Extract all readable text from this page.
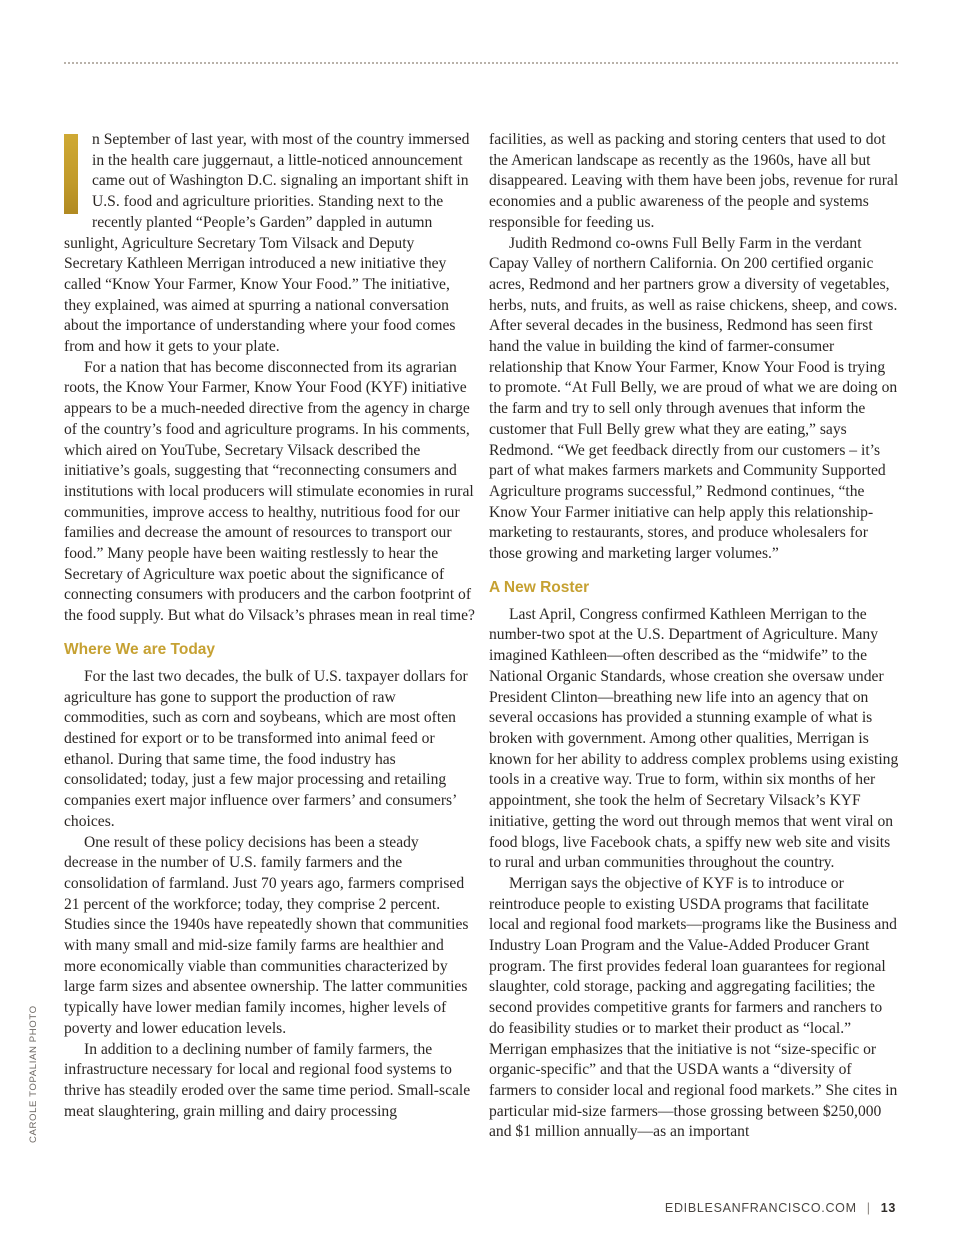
n September of last year, with most of the country immersed in the health care juggernaut, a little-noticed announcement came out of Washington D.C. signaling an important shift in U.S. food and agriculture priorities. Standing next to the recently planted “People’s Garden” dappled in autumn sunlight, Agriculture Secretary Tom Vilsack and Deputy Secretary Kathleen Merrigan introduced a new initiative they called “Know Your Farmer, Know Your Food.” The initiative, they explained, was aimed at spurring a national conversation about the importance of understanding where your food comes from and how it gets to your plate.

For a nation that has become disconnected from its agrarian roots, the Know Your Farmer, Know Your Food (KYF) initiative appears to be a much-needed directive from the agency in charge of the country’s food and agriculture programs. In his comments, which aired on YouTube, Secretary Vilsack described the initiative’s goals, suggesting that “reconnecting consumers and institutions with local producers will stimulate economies in rural communities, improve access to healthy, nutritious food for our families and decrease the amount of resources to transport our food.” Many people have been waiting restlessly to hear the Secretary of Agriculture wax poetic about the significance of connecting consumers with producers and the carbon footprint of the food supply. But what do Vilsack’s phrases mean in real time?

Where We are Today

For the last two decades, the bulk of U.S. taxpayer dollars for agriculture has gone to support the production of raw commodities, such as corn and soybeans, which are most often destined for export or to be transformed into animal feed or ethanol. During that same time, the food industry has consolidated; today, just a few major processing and retailing companies exert major influence over farmers’ and consumers’ choices.

One result of these policy decisions has been a steady decrease in the number of U.S. family farmers and the consolidation of farmland. Just 70 years ago, farmers comprised 21 percent of the workforce; today, they comprise 2 percent. Studies since the 1940s have repeatedly shown that communities with many small and mid-size family farms are healthier and more economically viable than communities characterized by large farm sizes and absentee ownership. The latter communities typically have lower median family incomes, higher levels of poverty and lower education levels.

In addition to a declining number of family farmers, the infrastructure necessary for local and regional food systems to thrive has steadily eroded over the same time period. Small-scale meat slaughtering, grain milling and dairy processing

facilities, as well as packing and storing centers that used to dot the American landscape as recently as the 1960s, have all but disappeared. Leaving with them have been jobs, revenue for rural economies and a public awareness of the people and systems responsible for feeding us.

Judith Redmond co-owns Full Belly Farm in the verdant Capay Valley of northern California. On 200 certified organic acres, Redmond and her partners grow a diversity of vegetables, herbs, nuts, and fruits, as well as raise chickens, sheep, and cows. After several decades in the business, Redmond has seen first hand the value in building the kind of farmer-consumer relationship that Know Your Farmer, Know Your Food is trying to promote. “At Full Belly, we are proud of what we are doing on the farm and try to sell only through avenues that inform the customer that Full Belly grew what they are eating,” says Redmond. “We get feedback directly from our customers – it’s part of what makes farmers markets and Community Supported Agriculture programs successful,” Redmond continues, “the Know Your Farmer initiative can help apply this relationship-marketing to restaurants, stores, and produce wholesalers for those growing and marketing larger volumes.”

A New Roster

Last April, Congress confirmed Kathleen Merrigan to the number-two spot at the U.S. Department of Agriculture. Many imagined Kathleen—often described as the “midwife” to the National Organic Standards, whose creation she oversaw under President Clinton—breathing new life into an agency that on several occasions has provided a stunning example of what is broken with government. Among other qualities, Merrigan is known for her ability to address complex problems using existing tools in a creative way. True to form, within six months of her appointment, she took the helm of Secretary Vilsack’s KYF initiative, getting the word out through memos that went viral on food blogs, live Facebook chats, a spiffy new web site and visits to rural and urban communities throughout the country.

Merrigan says the objective of KYF is to introduce or reintroduce people to existing USDA programs that facilitate local and regional food markets—programs like the Business and Industry Loan Program and the Value-Added Producer Grant program. The first provides federal loan guarantees for regional slaughter, cold storage, packing and aggregating facilities; the second provides competitive grants for farmers and ranchers to do feasibility studies or to market their product as “local.” Merrigan emphasizes that the initiative is not “size-specific or organic-specific” and that the USDA wants a “diversity of farmers to consider local and regional food markets.” She cites in particular mid-size farmers—those grossing between $250,000 and $1 million annually—as an important

CAROLE TOPALIAN PHOTO
EDIBLESANFRANCISCO.COM | 13
